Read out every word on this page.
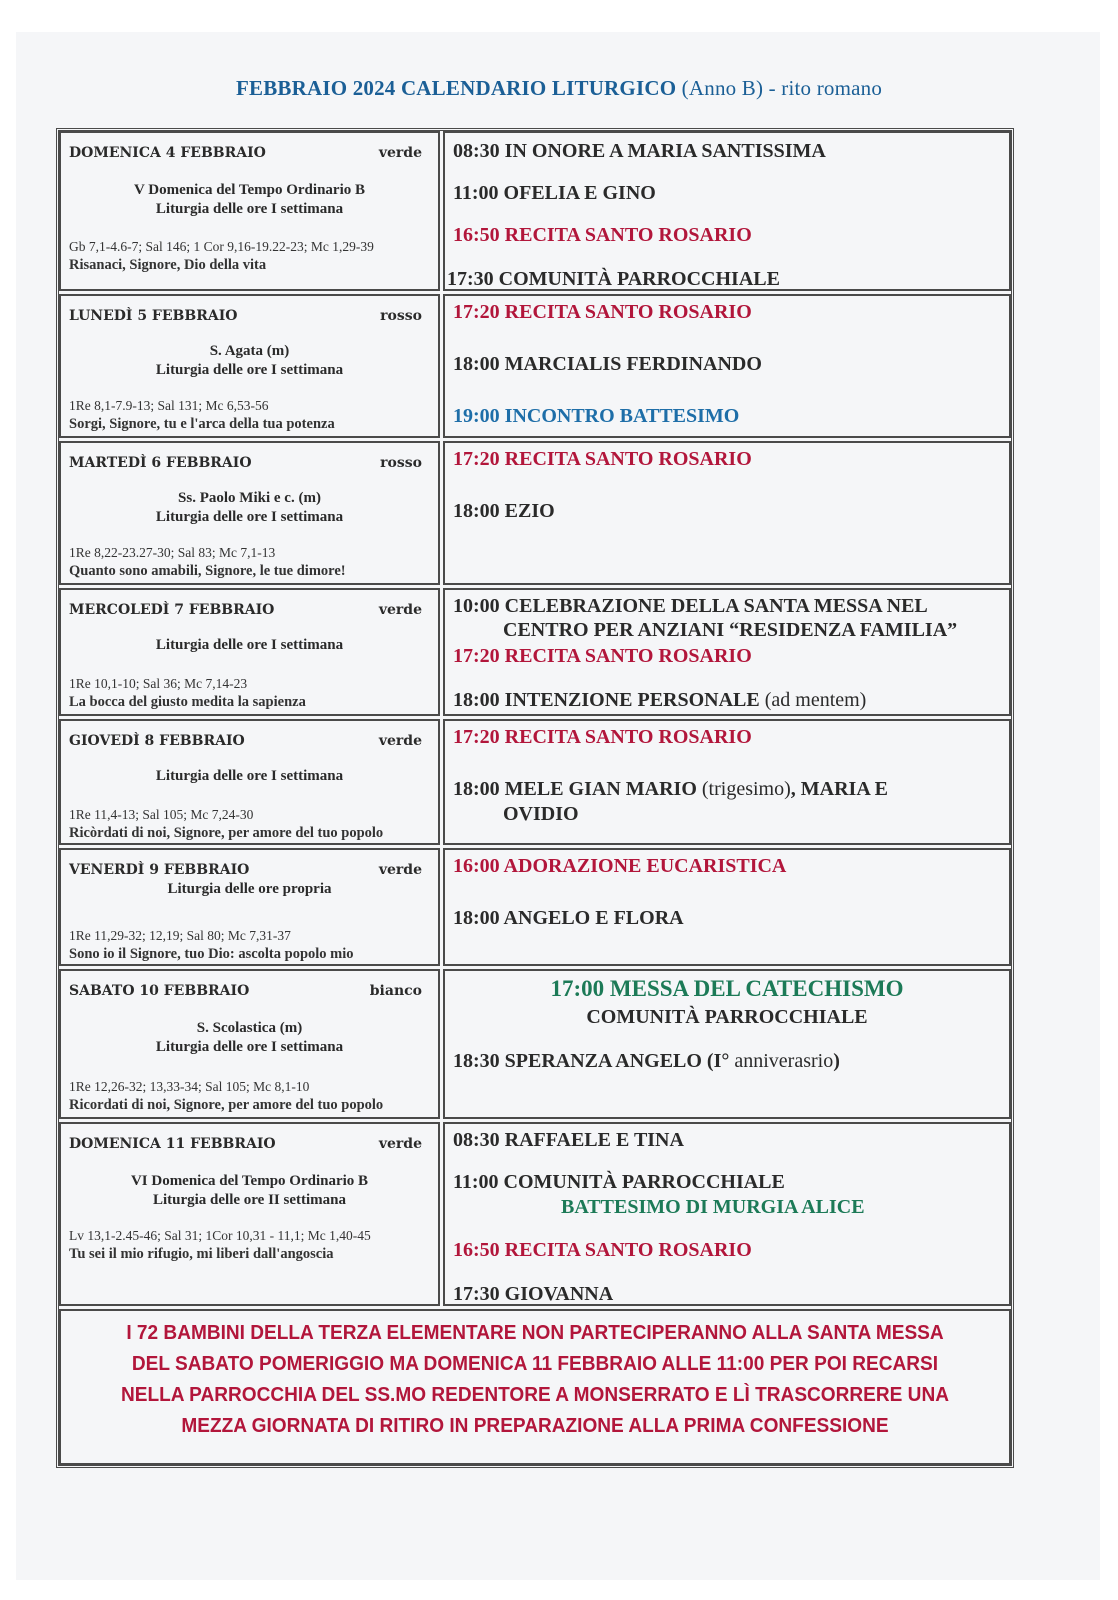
FEBBRAIO 2024 CALENDARIO LITURGICO (Anno B) - rito romano
DOMENICA 4 FEBBRAIO	verde
V Domenica del Tempo Ordinario B
Liturgia delle ore I settimana
Gb 7,1-4.6-7; Sal 146; 1 Cor 9,16-19.22-23; Mc 1,29-39
Risanaci, Signore, Dio della vita
08:30 IN ONORE A MARIA SANTISSIMA
11:00 OFELIA E GINO
16:50 RECITA SANTO ROSARIO
17:30 COMUNITÀ PARROCCHIALE
LUNEDÌ 5 FEBBRAIO	rosso
S. Agata (m)
Liturgia delle ore I settimana
1Re 8,1-7.9-13; Sal 131; Mc 6,53-56
Sorgi, Signore, tu e l'arca della tua potenza
17:20 RECITA SANTO ROSARIO
18:00 MARCIALIS FERDINANDO
19:00 INCONTRO BATTESIMO
MARTEDÌ 6 FEBBRAIO	rosso
Ss. Paolo Miki e c. (m)
Liturgia delle ore I settimana
1Re 8,22-23.27-30; Sal 83; Mc 7,1-13
Quanto sono amabili, Signore, le tue dimore!
17:20 RECITA SANTO ROSARIO
18:00 EZIO
MERCOLEDÌ 7 FEBBRAIO	verde
Liturgia delle ore I settimana
1Re 10,1-10; Sal 36; Mc 7,14-23
La bocca del giusto medita la sapienza
10:00 CELEBRAZIONE DELLA SANTA MESSA NEL
CENTRO PER ANZIANI “RESIDENZA FAMILIA”
17:20 RECITA SANTO ROSARIO
18:00 INTENZIONE PERSONALE (ad mentem)
GIOVEDÌ 8 FEBBRAIO	verde
Liturgia delle ore I settimana
1Re 11,4-13; Sal 105; Mc 7,24-30
Ricòrdati di noi, Signore, per amore del tuo popolo
17:20 RECITA SANTO ROSARIO
18:00 MELE GIAN MARIO (trigesimo), MARIA E
OVIDIO
VENERDÌ 9 FEBBRAIO	verde
Liturgia delle ore propria
1Re 11,29-32; 12,19; Sal 80; Mc 7,31-37
Sono io il Signore, tuo Dio: ascolta popolo mio
16:00 ADORAZIONE EUCARISTICA
18:00 ANGELO E FLORA
SABATO 10 FEBBRAIO	bianco
S. Scolastica (m)
Liturgia delle ore I settimana
1Re 12,26-32; 13,33-34; Sal 105; Mc 8,1-10
Ricordati di noi, Signore, per amore del tuo popolo
17:00 MESSA DEL CATECHISMO
COMUNITÀ PARROCCHIALE
18:30 SPERANZA ANGELO (I° anniverasrio)
DOMENICA 11 FEBBRAIO	verde
VI Domenica del Tempo Ordinario B
Liturgia delle ore II settimana
Lv 13,1-2.45-46; Sal 31; 1Cor 10,31 - 11,1; Mc 1,40-45
Tu sei il mio rifugio, mi liberi dall'angoscia
08:30 RAFFAELE E TINA
11:00 COMUNITÀ PARROCCHIALE
BATTESIMO DI MURGIA ALICE
16:50 RECITA SANTO ROSARIO
17:30 GIOVANNA
I 72 BAMBINI DELLA TERZA ELEMENTARE NON PARTECIPERANNO ALLA SANTA MESSA
DEL SABATO POMERIGGIO MA DOMENICA 11 FEBBRAIO ALLE 11:00 PER POI RECARSI
NELLA PARROCCHIA DEL SS.MO REDENTORE A MONSERRATO E LÌ TRASCORRERE UNA
MEZZA GIORNATA DI RITIRO IN PREPARAZIONE ALLA PRIMA CONFESSIONE
